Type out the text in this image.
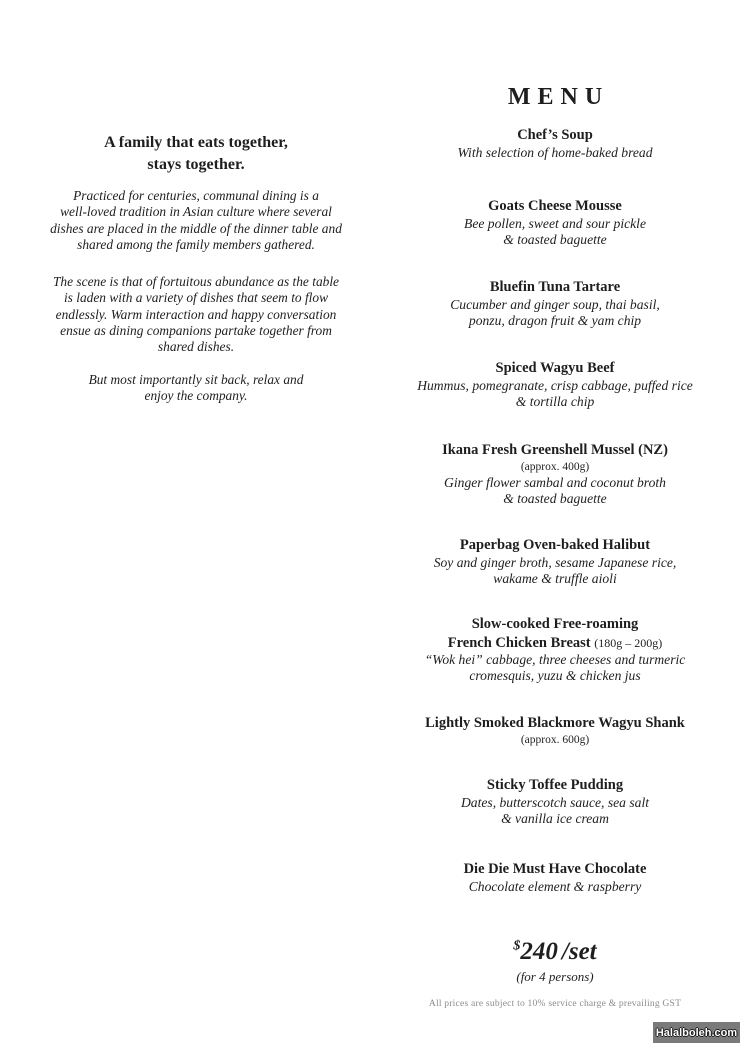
A family that eats together,
stays together.
Practiced for centuries, communal dining is a
well-loved tradition in Asian culture where several
dishes are placed in the middle of the dinner table and
shared among the family members gathered.
The scene is that of fortuitous abundance as the table
is laden with a variety of dishes that seem to flow
endlessly. Warm interaction and happy conversation
ensue as dining companions partake together from
shared dishes.
But most importantly sit back, relax and
enjoy the company.
MENU
Chef’s Soup
With selection of home-baked bread
Goats Cheese Mousse
Bee pollen, sweet and sour pickle
& toasted baguette
Bluefin Tuna Tartare
Cucumber and ginger soup, thai basil,
ponzu, dragon fruit & yam chip
Spiced Wagyu Beef
Hummus, pomegranate, crisp cabbage, puffed rice
& tortilla chip
Ikana Fresh Greenshell Mussel (NZ)
(approx. 400g)
Ginger flower sambal and coconut broth
& toasted baguette
Paperbag Oven-baked Halibut
Soy and ginger broth, sesame Japanese rice,
wakame & truffle aioli
Slow-cooked Free-roaming
French Chicken Breast (180g – 200g)
“Wok hei” cabbage, three cheeses and turmeric
cromesquis, yuzu & chicken jus
Lightly Smoked Blackmore Wagyu Shank
(approx. 600g)
Sticky Toffee Pudding
Dates, butterscotch sauce, sea salt
& vanilla ice cream
Die Die Must Have Chocolate
Chocolate element & raspberry
$240 /set
(for 4 persons)
All prices are subject to 10% service charge & prevailing GST
Halalboleh.com
